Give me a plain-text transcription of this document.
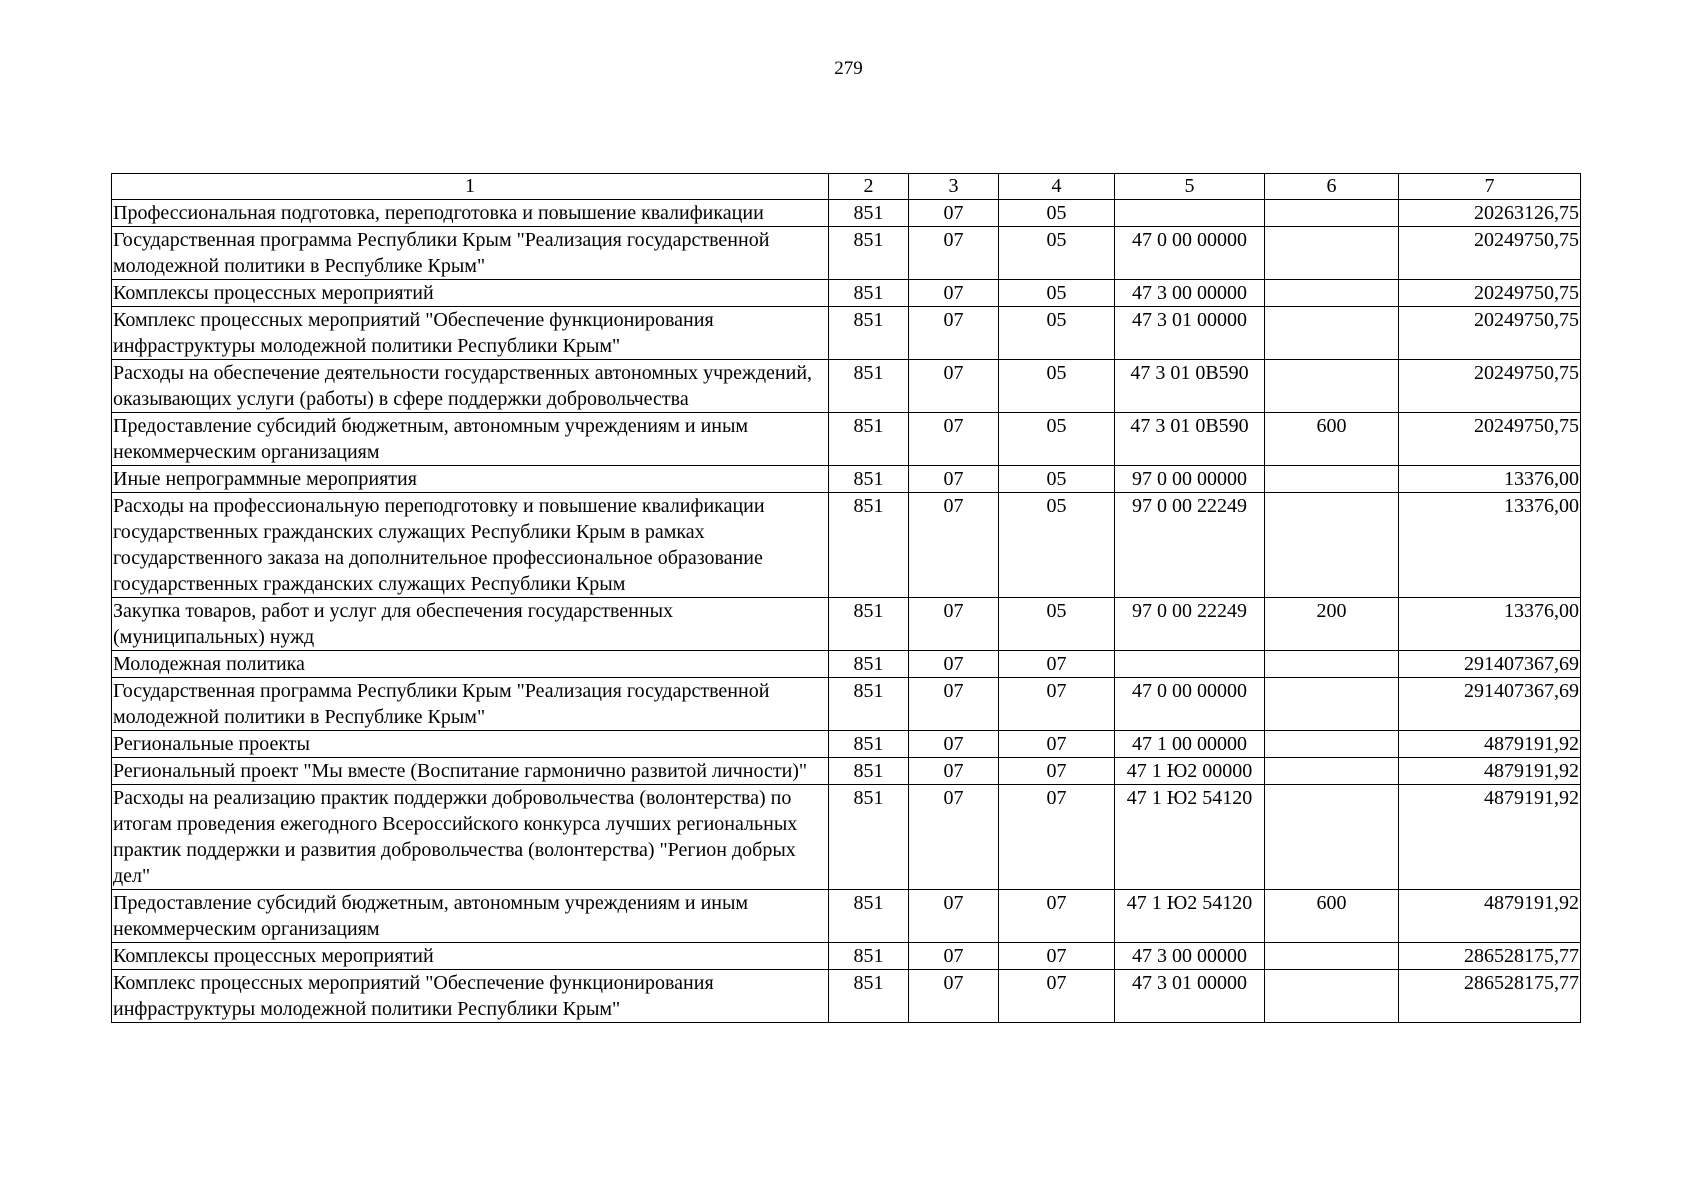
279
1	2	3	4	5	6	7
Профессиональная подготовка, переподготовка и повышение квалификации	851	07	05			20263126,75
Государственная программа Республики Крым "Реализация государственной молодежной политики в Республике Крым"	851	07	05	47 0 00 00000		20249750,75
Комплексы процессных мероприятий	851	07	05	47 3 00 00000		20249750,75
Комплекс процессных мероприятий "Обеспечение функционирования инфраструктуры молодежной политики Республики Крым"	851	07	05	47 3 01 00000		20249750,75
Расходы на обеспечение деятельности государственных автономных учреждений, оказывающих услуги (работы) в сфере поддержки добровольчества	851	07	05	47 3 01 0В590		20249750,75
Предоставление субсидий бюджетным, автономным учреждениям и иным некоммерческим организациям	851	07	05	47 3 01 0В590	600	20249750,75
Иные непрограммные мероприятия	851	07	05	97 0 00 00000		13376,00
Расходы на профессиональную переподготовку и повышение квалификации государственных гражданских служащих Республики Крым в рамках государственного заказа на дополнительное профессиональное образование государственных гражданских служащих Республики Крым	851	07	05	97 0 00 22249		13376,00
Закупка товаров, работ и услуг для обеспечения государственных (муниципальных) нужд	851	07	05	97 0 00 22249	200	13376,00
Молодежная политика	851	07	07			291407367,69
Государственная программа Республики Крым "Реализация государственной молодежной политики в Республике Крым"	851	07	07	47 0 00 00000		291407367,69
Региональные проекты	851	07	07	47 1 00 00000		4879191,92
Региональный проект "Мы вместе (Воспитание гармонично развитой личности)"	851	07	07	47 1 Ю2 00000		4879191,92
Расходы на реализацию практик поддержки добровольчества (волонтерства) по итогам проведения ежегодного Всероссийского конкурса лучших региональных практик поддержки и развития добровольчества (волонтерства) "Регион добрых дел"	851	07	07	47 1 Ю2 54120		4879191,92
Предоставление субсидий бюджетным, автономным учреждениям и иным некоммерческим организациям	851	07	07	47 1 Ю2 54120	600	4879191,92
Комплексы процессных мероприятий	851	07	07	47 3 00 00000		286528175,77
Комплекс процессных мероприятий "Обеспечение функционирования инфраструктуры молодежной политики Республики Крым"	851	07	07	47 3 01 00000		286528175,77
